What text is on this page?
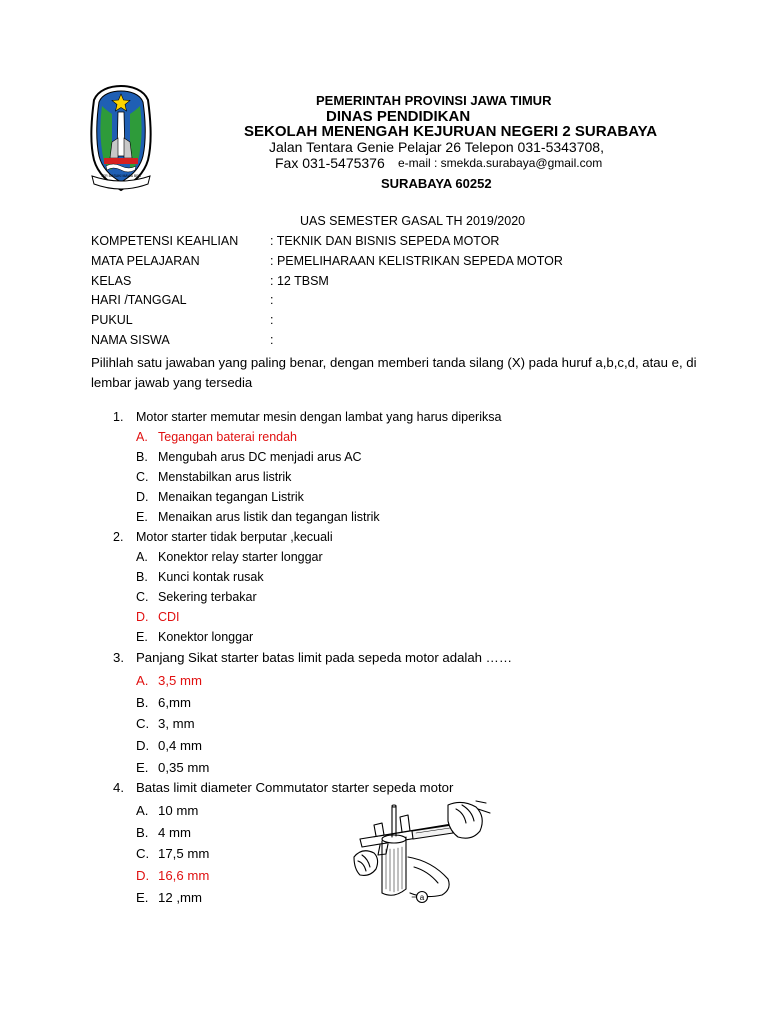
JER BASUKI MAWA BEA
PEMERINTAH PROVINSI JAWA TIMUR
DINAS PENDIDIKAN
SEKOLAH MENENGAH KEJURUAN NEGERI 2 SURABAYA
Jalan Tentara Genie Pelajar 26 Telepon 031-5343708,
Fax 031-5475376 e-mail : smekda.surabaya@gmail.com
SURABAYA 60252
UAS SEMESTER GASAL TH 2019/2020
KOMPETENSI KEAHLIAN	: TEKNIK DAN BISNIS SEPEDA MOTOR
MATA PELAJARAN	: PEMELIHARAAN KELISTRIKAN SEPEDA MOTOR
KELAS	: 12 TBSM
HARI /TANGGAL	:
PUKUL	:
NAMA SISWA	:
Pilihlah satu jawaban yang paling benar, dengan memberi tanda silang (X) pada huruf a,b,c,d, atau e, di
lembar jawab yang tersedia
1. Motor starter memutar mesin dengan lambat yang harus diperiksa
A. Tegangan baterai rendah
B. Mengubah arus DC menjadi arus AC
C. Menstabilkan arus listrik
D. Menaikan tegangan Listrik
E. Menaikan arus listik dan tegangan listrik
2. Motor starter tidak berputar ,kecuali
A. Konektor relay starter longgar
B. Kunci kontak rusak
C. Sekering terbakar
D. CDI
E. Konektor longgar
3. Panjang Sikat starter batas limit pada sepeda motor adalah ……
A. 3,5 mm
B. 6,mm
C. 3, mm
D. 0,4 mm
E. 0,35 mm
4. Batas limit diameter Commutator starter sepeda motor
A. 10 mm
B. 4 mm
C. 17,5 mm
D. 16,6 mm
E. 12 ,mm	a
